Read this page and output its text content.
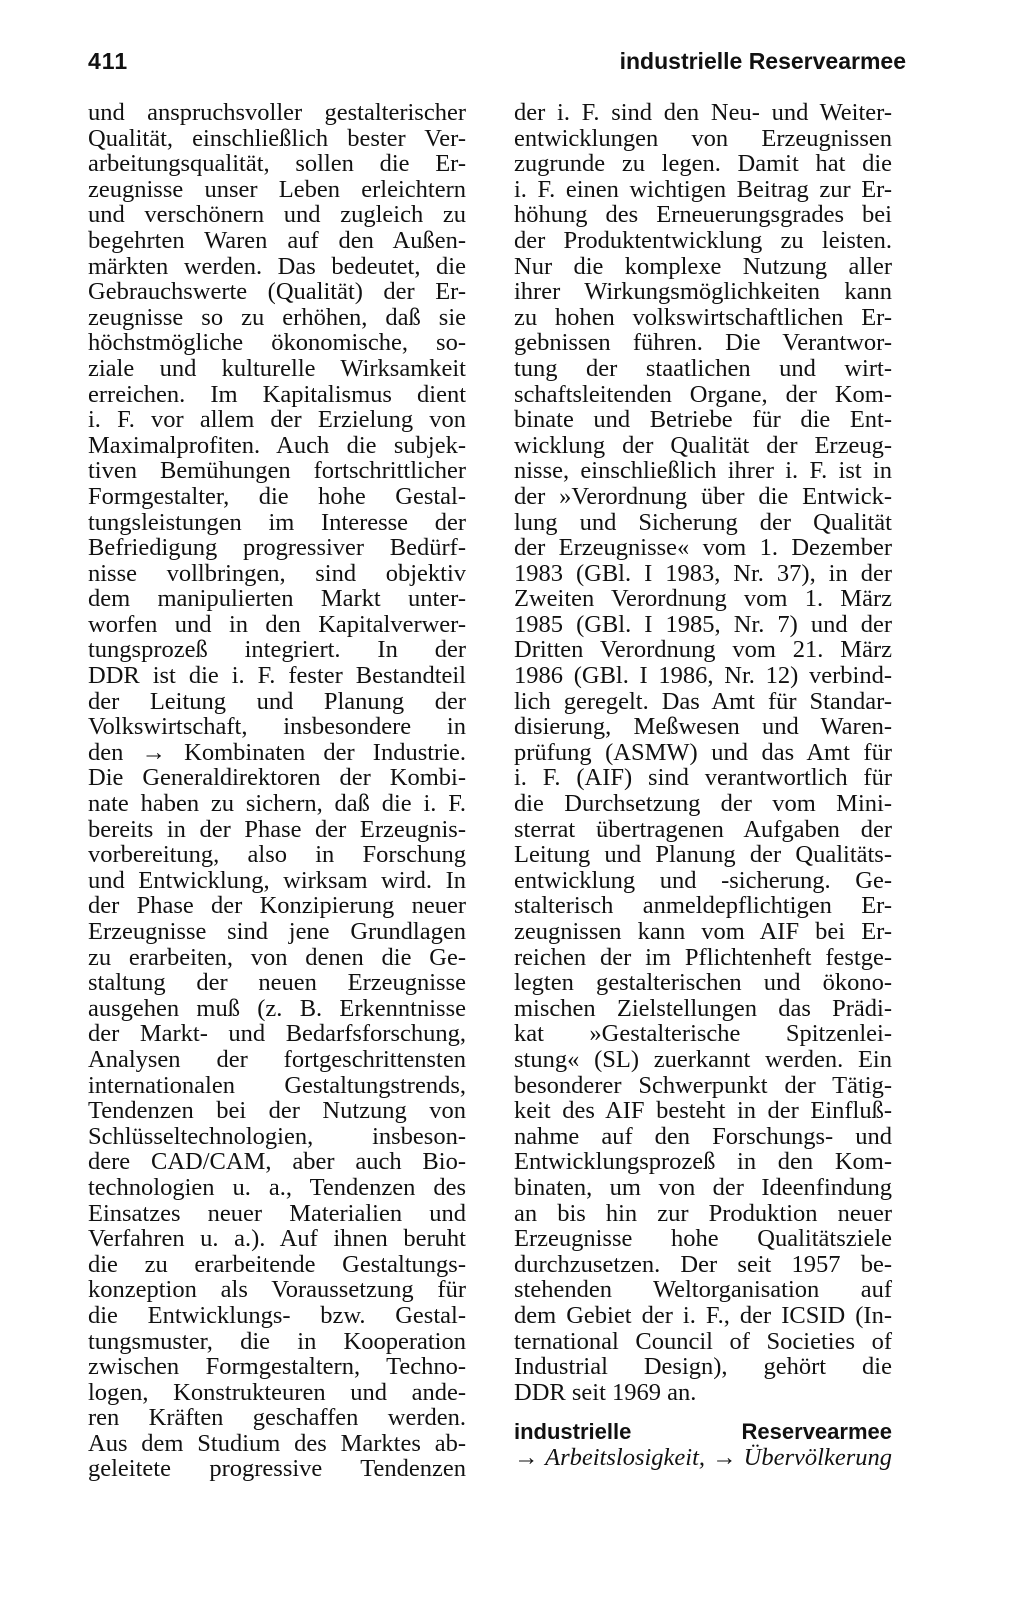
411	industrielle Reservearmee
und anspruchsvoller gestalterischer
Qualität, einschließlich bester Ver-
arbeitungsqualität, sollen die Er-
zeugnisse unser Leben erleichtern
und verschönern und zugleich zu
begehrten Waren auf den Außen-
märkten werden. Das bedeutet, die
Gebrauchswerte (Qualität) der Er-
zeugnisse so zu erhöhen, daß sie
höchstmögliche ökonomische, so-
ziale und kulturelle Wirksamkeit
erreichen. Im Kapitalismus dient
i. F. vor allem der Erzielung von
Maximalprofiten. Auch die subjek-
tiven Bemühungen fortschrittlicher
Formgestalter, die hohe Gestal-
tungsleistungen im Interesse der
Befriedigung progressiver Bedürf-
nisse vollbringen, sind objektiv
dem manipulierten Markt unter-
worfen und in den Kapitalverwer-
tungsprozeß integriert. In der
DDR ist die i. F. fester Bestandteil
der Leitung und Planung der
Volkswirtschaft, insbesondere in
den → Kombinaten der Industrie.
Die Generaldirektoren der Kombi-
nate haben zu sichern, daß die i. F.
bereits in der Phase der Erzeugnis-
vorbereitung, also in Forschung
und Entwicklung, wirksam wird. In
der Phase der Konzipierung neuer
Erzeugnisse sind jene Grundlagen
zu erarbeiten, von denen die Ge-
staltung der neuen Erzeugnisse
ausgehen muß (z. B. Erkenntnisse
der Markt- und Bedarfsforschung,
Analysen der fortgeschrittensten
internationalen Gestaltungstrends,
Tendenzen bei der Nutzung von
Schlüsseltechnologien, insbeson-
dere CAD/CAM, aber auch Bio-
technologien u. a., Tendenzen des
Einsatzes neuer Materialien und
Verfahren u. a.). Auf ihnen beruht
die zu erarbeitende Gestaltungs-
konzeption als Voraussetzung für
die Entwicklungs- bzw. Gestal-
tungsmuster, die in Kooperation
zwischen Formgestaltern, Techno-
logen, Konstrukteuren und ande-
ren Kräften geschaffen werden.
Aus dem Studium des Marktes ab-
geleitete progressive Tendenzen
der i. F. sind den Neu- und Weiter-
entwicklungen von Erzeugnissen
zugrunde zu legen. Damit hat die
i. F. einen wichtigen Beitrag zur Er-
höhung des Erneuerungsgrades bei
der Produktentwicklung zu leisten.
Nur die komplexe Nutzung aller
ihrer Wirkungsmöglichkeiten kann
zu hohen volkswirtschaftlichen Er-
gebnissen führen. Die Verantwor-
tung der staatlichen und wirt-
schaftsleitenden Organe, der Kom-
binate und Betriebe für die Ent-
wicklung der Qualität der Erzeug-
nisse, einschließlich ihrer i. F. ist in
der »Verordnung über die Entwick-
lung und Sicherung der Qualität
der Erzeugnisse« vom 1. Dezember
1983 (GBl. I 1983, Nr. 37), in der
Zweiten Verordnung vom 1. März
1985 (GBl. I 1985, Nr. 7) und der
Dritten Verordnung vom 21. März
1986 (GBl. I 1986, Nr. 12) verbind-
lich geregelt. Das Amt für Standar-
disierung, Meßwesen und Waren-
prüfung (ASMW) und das Amt für
i. F. (AIF) sind verantwortlich für
die Durchsetzung der vom Mini-
sterrat übertragenen Aufgaben der
Leitung und Planung der Qualitäts-
entwicklung und -sicherung. Ge-
stalterisch anmeldepflichtigen Er-
zeugnissen kann vom AIF bei Er-
reichen der im Pflichtenheft festge-
legten gestalterischen und ökono-
mischen Zielstellungen das Prädi-
kat »Gestalterische Spitzenlei-
stung« (SL) zuerkannt werden. Ein
besonderer Schwerpunkt der Tätig-
keit des AIF besteht in der Einfluß-
nahme auf den Forschungs- und
Entwicklungsprozeß in den Kom-
binaten, um von der Ideenfindung
an bis hin zur Produktion neuer
Erzeugnisse hohe Qualitätsziele
durchzusetzen. Der seit 1957 be-
stehenden Weltorganisation auf
dem Gebiet der i. F., der ICSID (In-
ternational Council of Societies of
Industrial Design), gehört die
DDR seit 1969 an.
industrielle Reservearmee
→ Arbeitslosigkeit, → Übervölkerung
